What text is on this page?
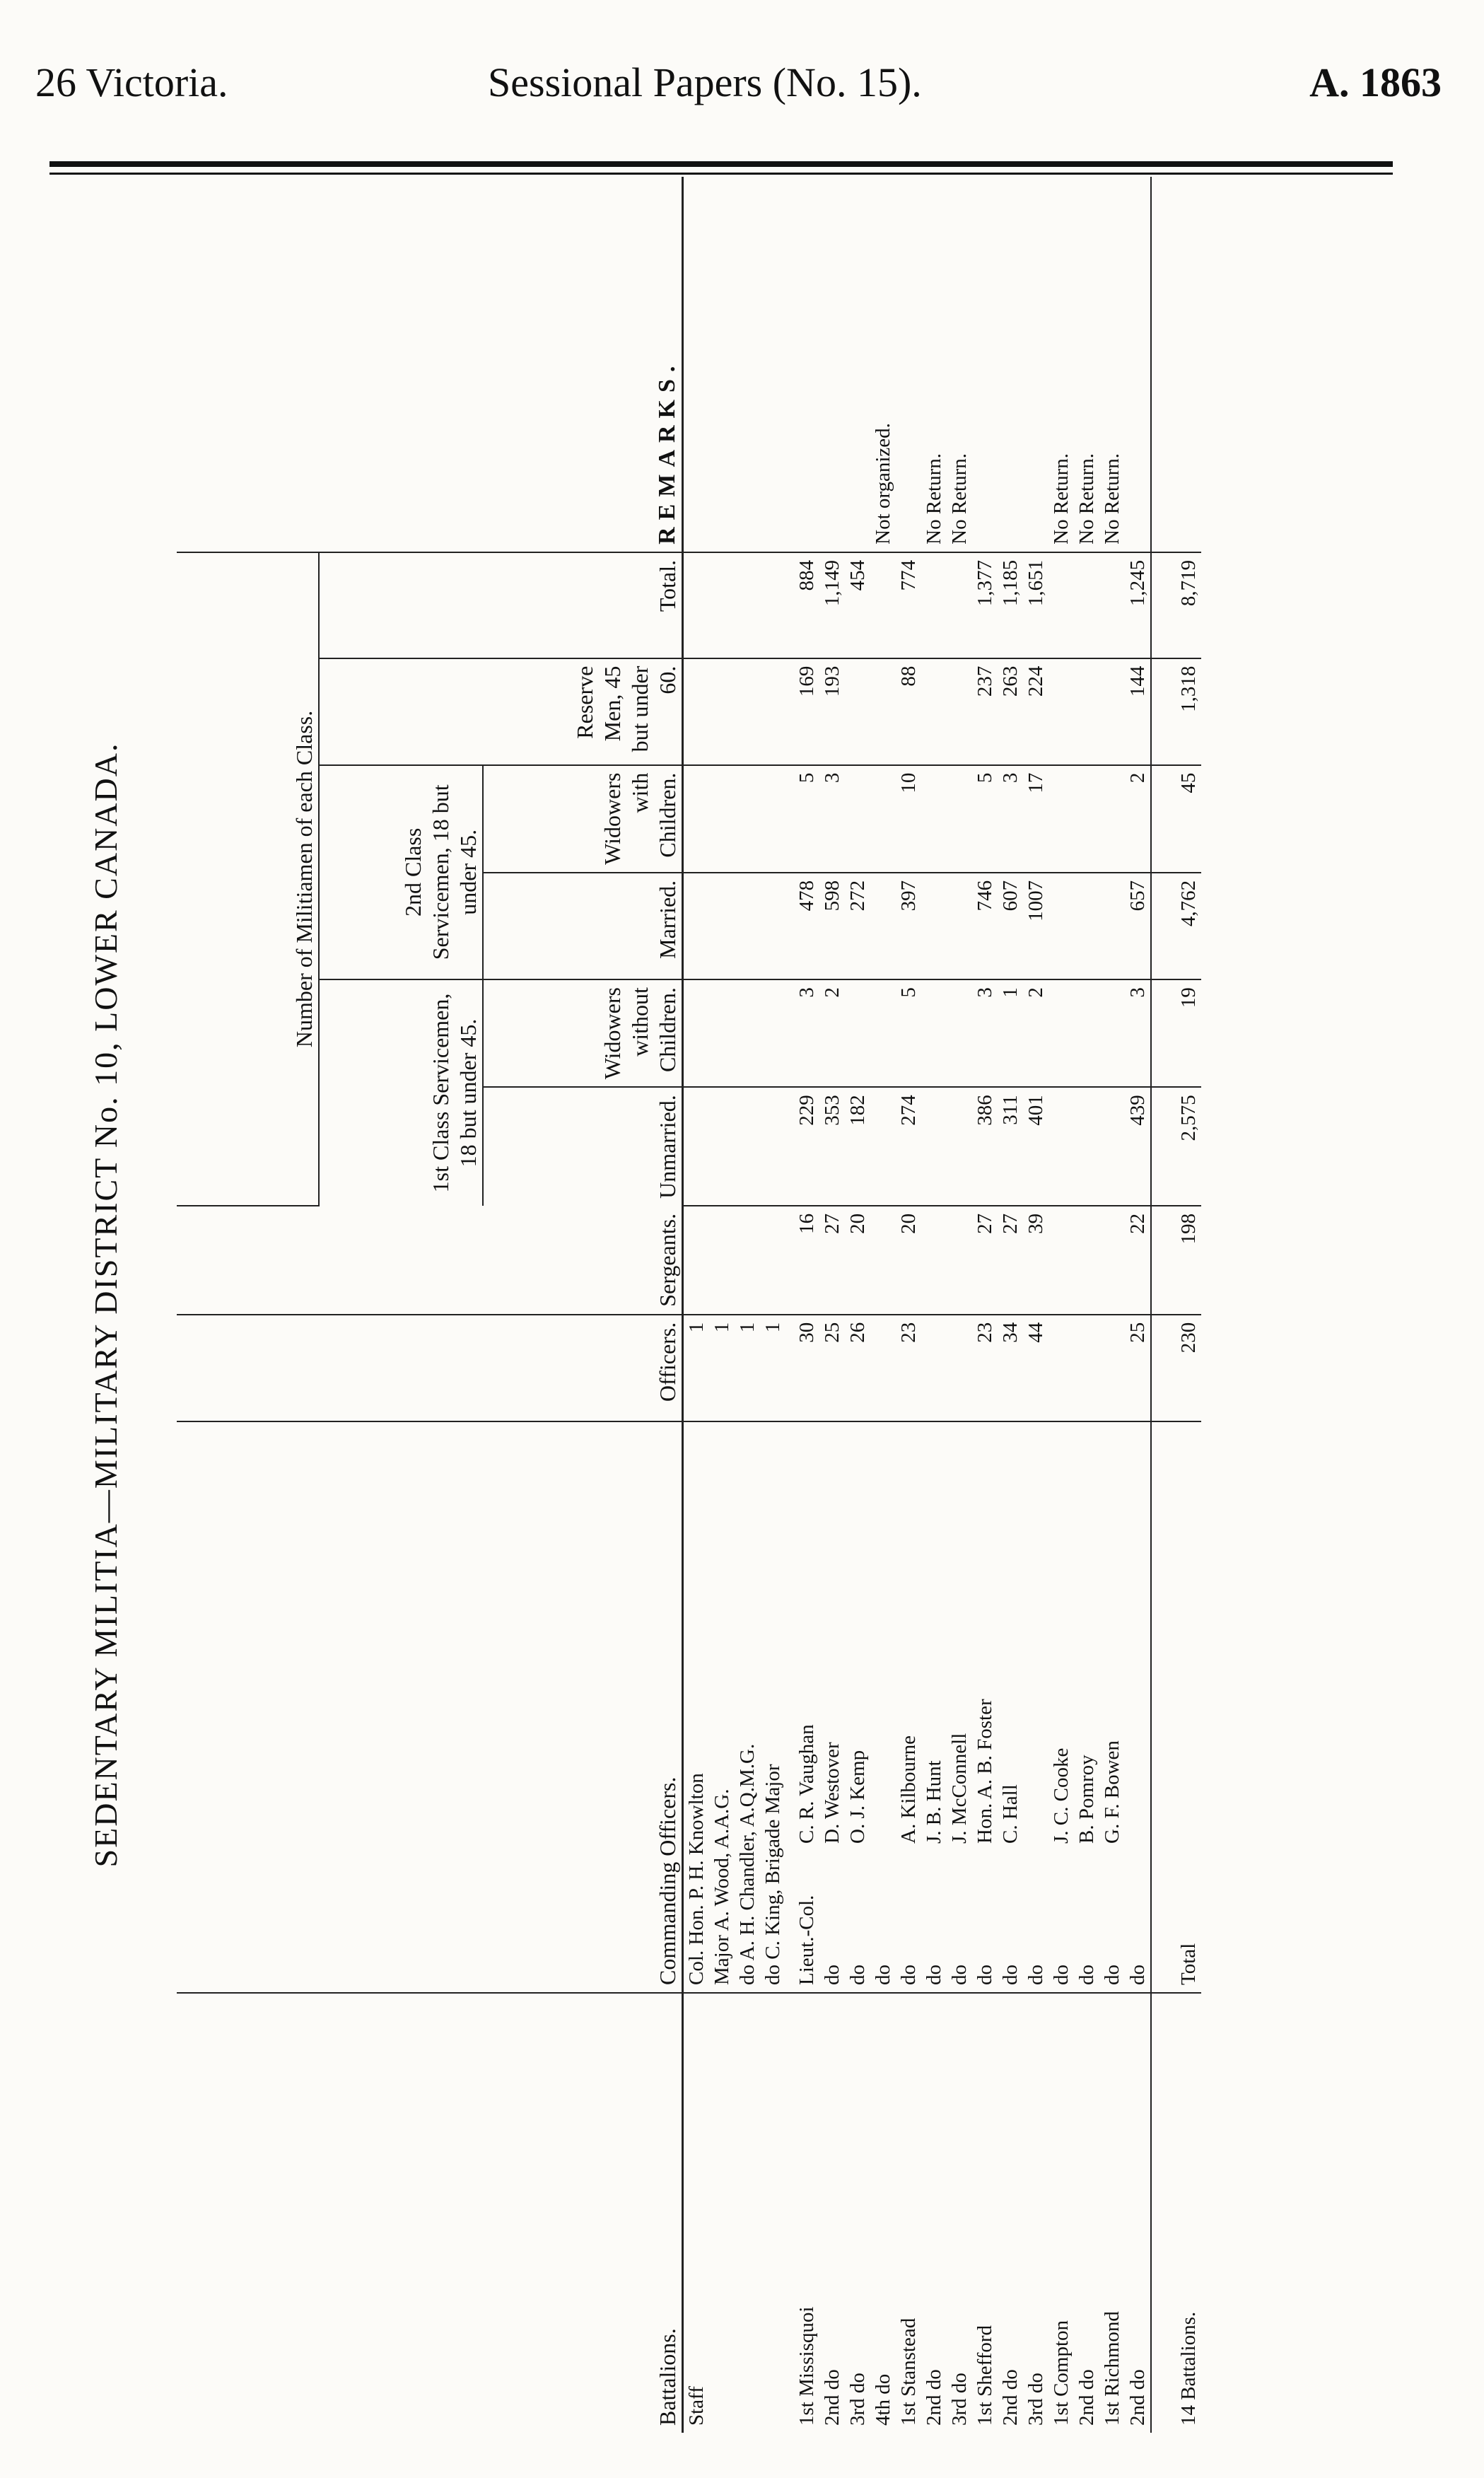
26 Victoria.	Sessional Papers (No. 15).	A. 1863
SEDENTARY MILITIA—MILITARY DISTRICT No. 10, LOWER CANADA.
Battalions.	Commanding Officers.	Officers.	Sergeants.	Number of Militiamen of each Class.						REMARKS.
				1st Class Servicemen, 18 but under 45.		2nd Class Servicemen, 18 but under 45.		Reserve Men, 45 but under 60.	Total.	
				Unmarried.	Widowers without Children.	Married.	Widowers with Children.			
Staff	Col. Hon. P. H. Knowlton	1								
	Major A. Wood, A.A.G.	1								
	do A. H. Chandler, A.Q.M.G.	1								
	do C. King, Brigade Major	1								

1st Missisquoi	Lieut.-Col.C. R. Vaughan	30	16	229	3	478	5	169	884	
2nd do	doD. Westover	25	27	353	2	598	3	193	1,149	
3rd do	doO. J. Kemp	26	20	182		272			454	
4th do	do									Not organized.
1st Stanstead	doA. Kilbourne	23	20	274	5	397	10	88	774	
2nd do	doJ. B. Hunt									No Return.
3rd do	doJ. McConnell									No Return.
1st Shefford	doHon. A. B. Foster	23	27	386	3	746	5	237	1,377	
2nd do	doC. Hall	34	27	311	1	607	3	263	1,185	
3rd do	do	44	39	401	2	1007	17	224	1,651	
1st Compton	doJ. C. Cooke									No Return.
2nd do	doB. Pomroy									No Return.
1st Richmond	doG. F. Bowen									No Return.
2nd do	do	25	22	439	3	657	2	144	1,245	
14 Battalions.	Total	230	198	2,575	19	4,762	45	1,318	8,719	
